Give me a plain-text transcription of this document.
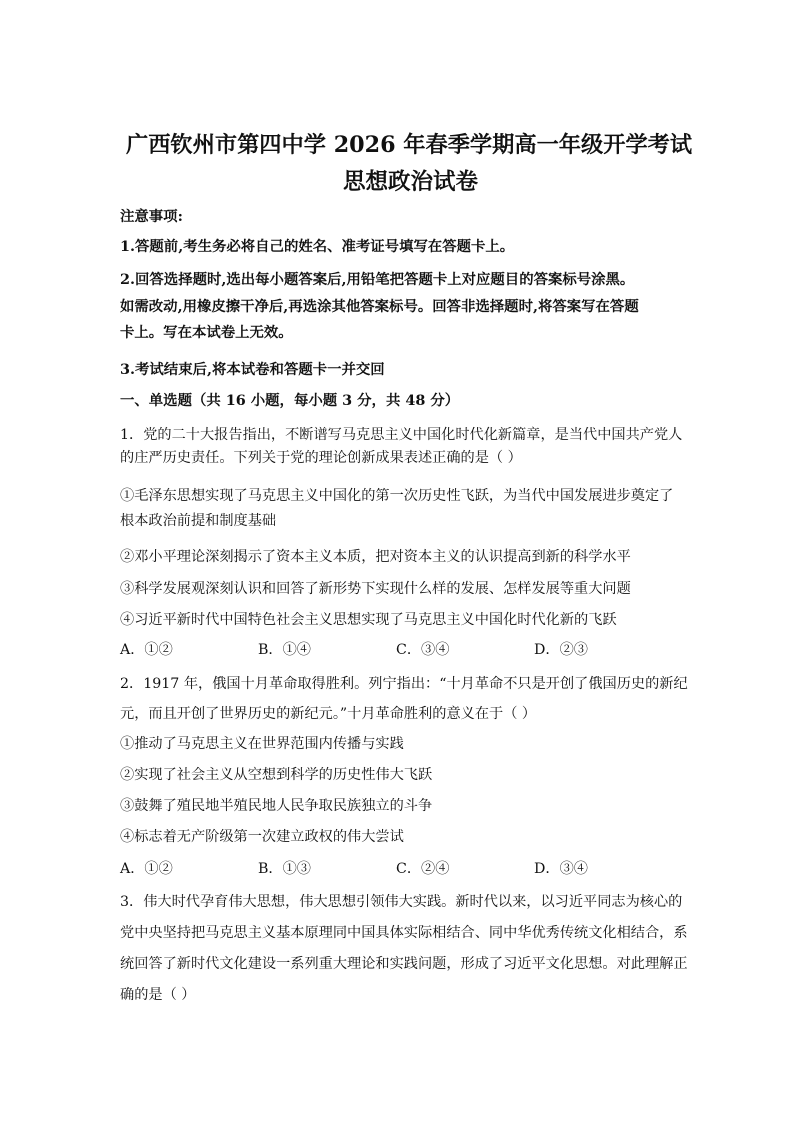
广西钦州市第四中学 2026 年春季学期高一年级开学考试
思想政治试卷
注意事项:
1.答题前,考生务必将自己的姓名、准考证号填写在答题卡上。
2.回答选择题时,选出每小题答案后,用铅笔把答题卡上对应题目的答案标号涂黑。
如需改动,用橡皮擦干净后,再选涂其他答案标号。回答非选择题时,将答案写在答题
卡上。写在本试卷上无效。
3.考试结束后,将本试卷和答题卡一并交回
一、单选题（共 16 小题，每小题 3 分，共 48 分）
1．党的二十大报告指出，不断谱写马克思主义中国化时代化新篇章，是当代中国共产党人
的庄严历史责任。下列关于党的理论创新成果表述正确的是（ ）
①毛泽东思想实现了马克思主义中国化的第一次历史性飞跃，为当代中国发展进步奠定了
根本政治前提和制度基础
②邓小平理论深刻揭示了资本主义本质，把对资本主义的认识提高到新的科学水平
③科学发展观深刻认识和回答了新形势下实现什么样的发展、怎样发展等重大问题
④习近平新时代中国特色社会主义思想实现了马克思主义中国化时代化新的飞跃
A．①②	B．①④	C．③④	D．②③
2．1917 年，俄国十月革命取得胜利。列宁指出：“十月革命不只是开创了俄国历史的新纪
元，而且开创了世界历史的新纪元。”十月革命胜利的意义在于（ ）
①推动了马克思主义在世界范围内传播与实践
②实现了社会主义从空想到科学的历史性伟大飞跃
③鼓舞了殖民地半殖民地人民争取民族独立的斗争
④标志着无产阶级第一次建立政权的伟大尝试
A．①②	B．①③	C．②④	D．③④
3．伟大时代孕育伟大思想，伟大思想引领伟大实践。新时代以来，以习近平同志为核心的
党中央坚持把马克思主义基本原理同中国具体实际相结合、同中华优秀传统文化相结合，系
统回答了新时代文化建设一系列重大理论和实践问题，形成了习近平文化思想。对此理解正
确的是（ ）
